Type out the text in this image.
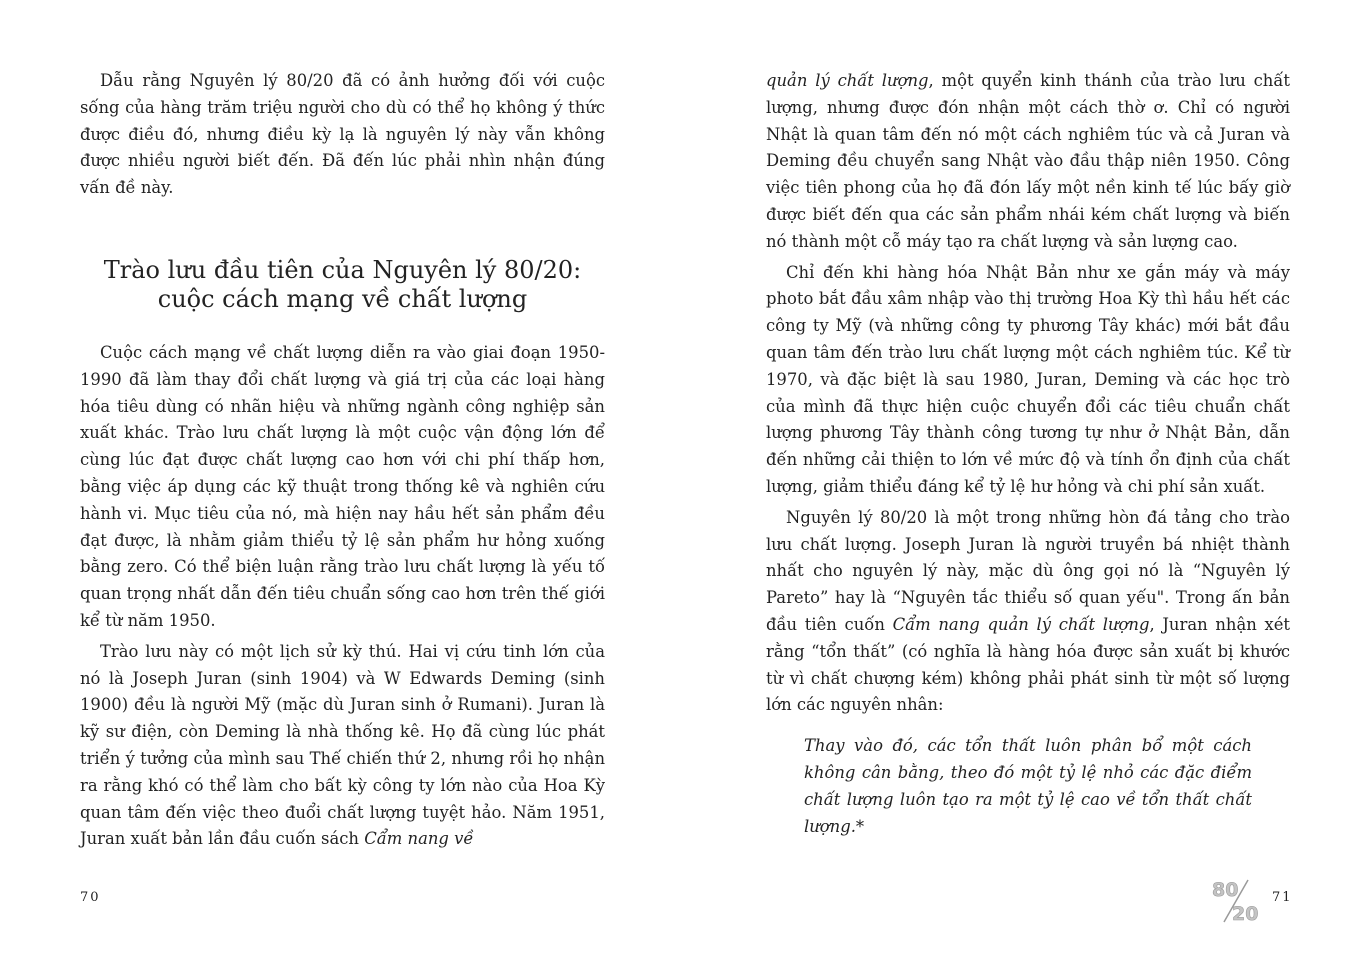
Dẫu rằng Nguyên lý 80/20 đã có ảnh hưởng đối với cuộc sống của hàng trăm triệu người cho dù có thể họ không ý thức được điều đó, nhưng điều kỳ lạ là nguyên lý này vẫn không được nhiều người biết đến. Đã đến lúc phải nhìn nhận đúng vấn đề này.

Trào lưu đầu tiên của Nguyên lý 80/20:
cuộc cách mạng về chất lượng

Cuộc cách mạng về chất lượng diễn ra vào giai đoạn 1950-1990 đã làm thay đổi chất lượng và giá trị của các loại hàng hóa tiêu dùng có nhãn hiệu và những ngành công nghiệp sản xuất khác. Trào lưu chất lượng là một cuộc vận động lớn để cùng lúc đạt được chất lượng cao hơn với chi phí thấp hơn, bằng việc áp dụng các kỹ thuật trong thống kê và nghiên cứu hành vi. Mục tiêu của nó, mà hiện nay hầu hết sản phẩm đều đạt được, là nhằm giảm thiểu tỷ lệ sản phẩm hư hỏng xuống bằng zero. Có thể biện luận rằng trào lưu chất lượng là yếu tố quan trọng nhất dẫn đến tiêu chuẩn sống cao hơn trên thế giới kể từ năm 1950.

Trào lưu này có một lịch sử kỳ thú. Hai vị cứu tinh lớn của nó là Joseph Juran (sinh 1904) và W Edwards Deming (sinh 1900) đều là người Mỹ (mặc dù Juran sinh ở Rumani). Juran là kỹ sư điện, còn Deming là nhà thống kê. Họ đã cùng lúc phát triển ý tưởng của mình sau Thế chiến thứ 2, nhưng rồi họ nhận ra rằng khó có thể làm cho bất kỳ công ty lớn nào của Hoa Kỳ quan tâm đến việc theo đuổi chất lượng tuyệt hảo. Năm 1951, Juran xuất bản lần đầu cuốn sách Cẩm nang về

quản lý chất lượng, một quyển kinh thánh của trào lưu chất lượng, nhưng được đón nhận một cách thờ ơ. Chỉ có người Nhật là quan tâm đến nó một cách nghiêm túc và cả Juran và Deming đều chuyển sang Nhật vào đầu thập niên 1950. Công việc tiên phong của họ đã đón lấy một nền kinh tế lúc bấy giờ được biết đến qua các sản phẩm nhái kém chất lượng và biến nó thành một cỗ máy tạo ra chất lượng và sản lượng cao.

Chỉ đến khi hàng hóa Nhật Bản như xe gắn máy và máy photo bắt đầu xâm nhập vào thị trường Hoa Kỳ thì hầu hết các công ty Mỹ (và những công ty phương Tây khác) mới bắt đầu quan tâm đến trào lưu chất lượng một cách nghiêm túc. Kể từ 1970, và đặc biệt là sau 1980, Juran, Deming và các học trò của mình đã thực hiện cuộc chuyển đổi các tiêu chuẩn chất lượng phương Tây thành công tương tự như ở Nhật Bản, dẫn đến những cải thiện to lớn về mức độ và tính ổn định của chất lượng, giảm thiểu đáng kể tỷ lệ hư hỏng và chi phí sản xuất.

Nguyên lý 80/20 là một trong những hòn đá tảng cho trào lưu chất lượng. Joseph Juran là người truyền bá nhiệt thành nhất cho nguyên lý này, mặc dù ông gọi nó là “Nguyên lý Pareto” hay là “Nguyên tắc thiểu số quan yếu". Trong ấn bản đầu tiên cuốn Cẩm nang quản lý chất lượng, Juran nhận xét rằng “tổn thất” (có nghĩa là hàng hóa được sản xuất bị khước từ vì chất chượng kém) không phải phát sinh từ một số lượng lớn các nguyên nhân:

Thay vào đó, các tổn thất luôn phân bổ một cách không cân bằng, theo đó một tỷ lệ nhỏ các đặc điểm chất lượng luôn tạo ra một tỷ lệ cao về tổn thất chất lượng.*
70	80
20
71
